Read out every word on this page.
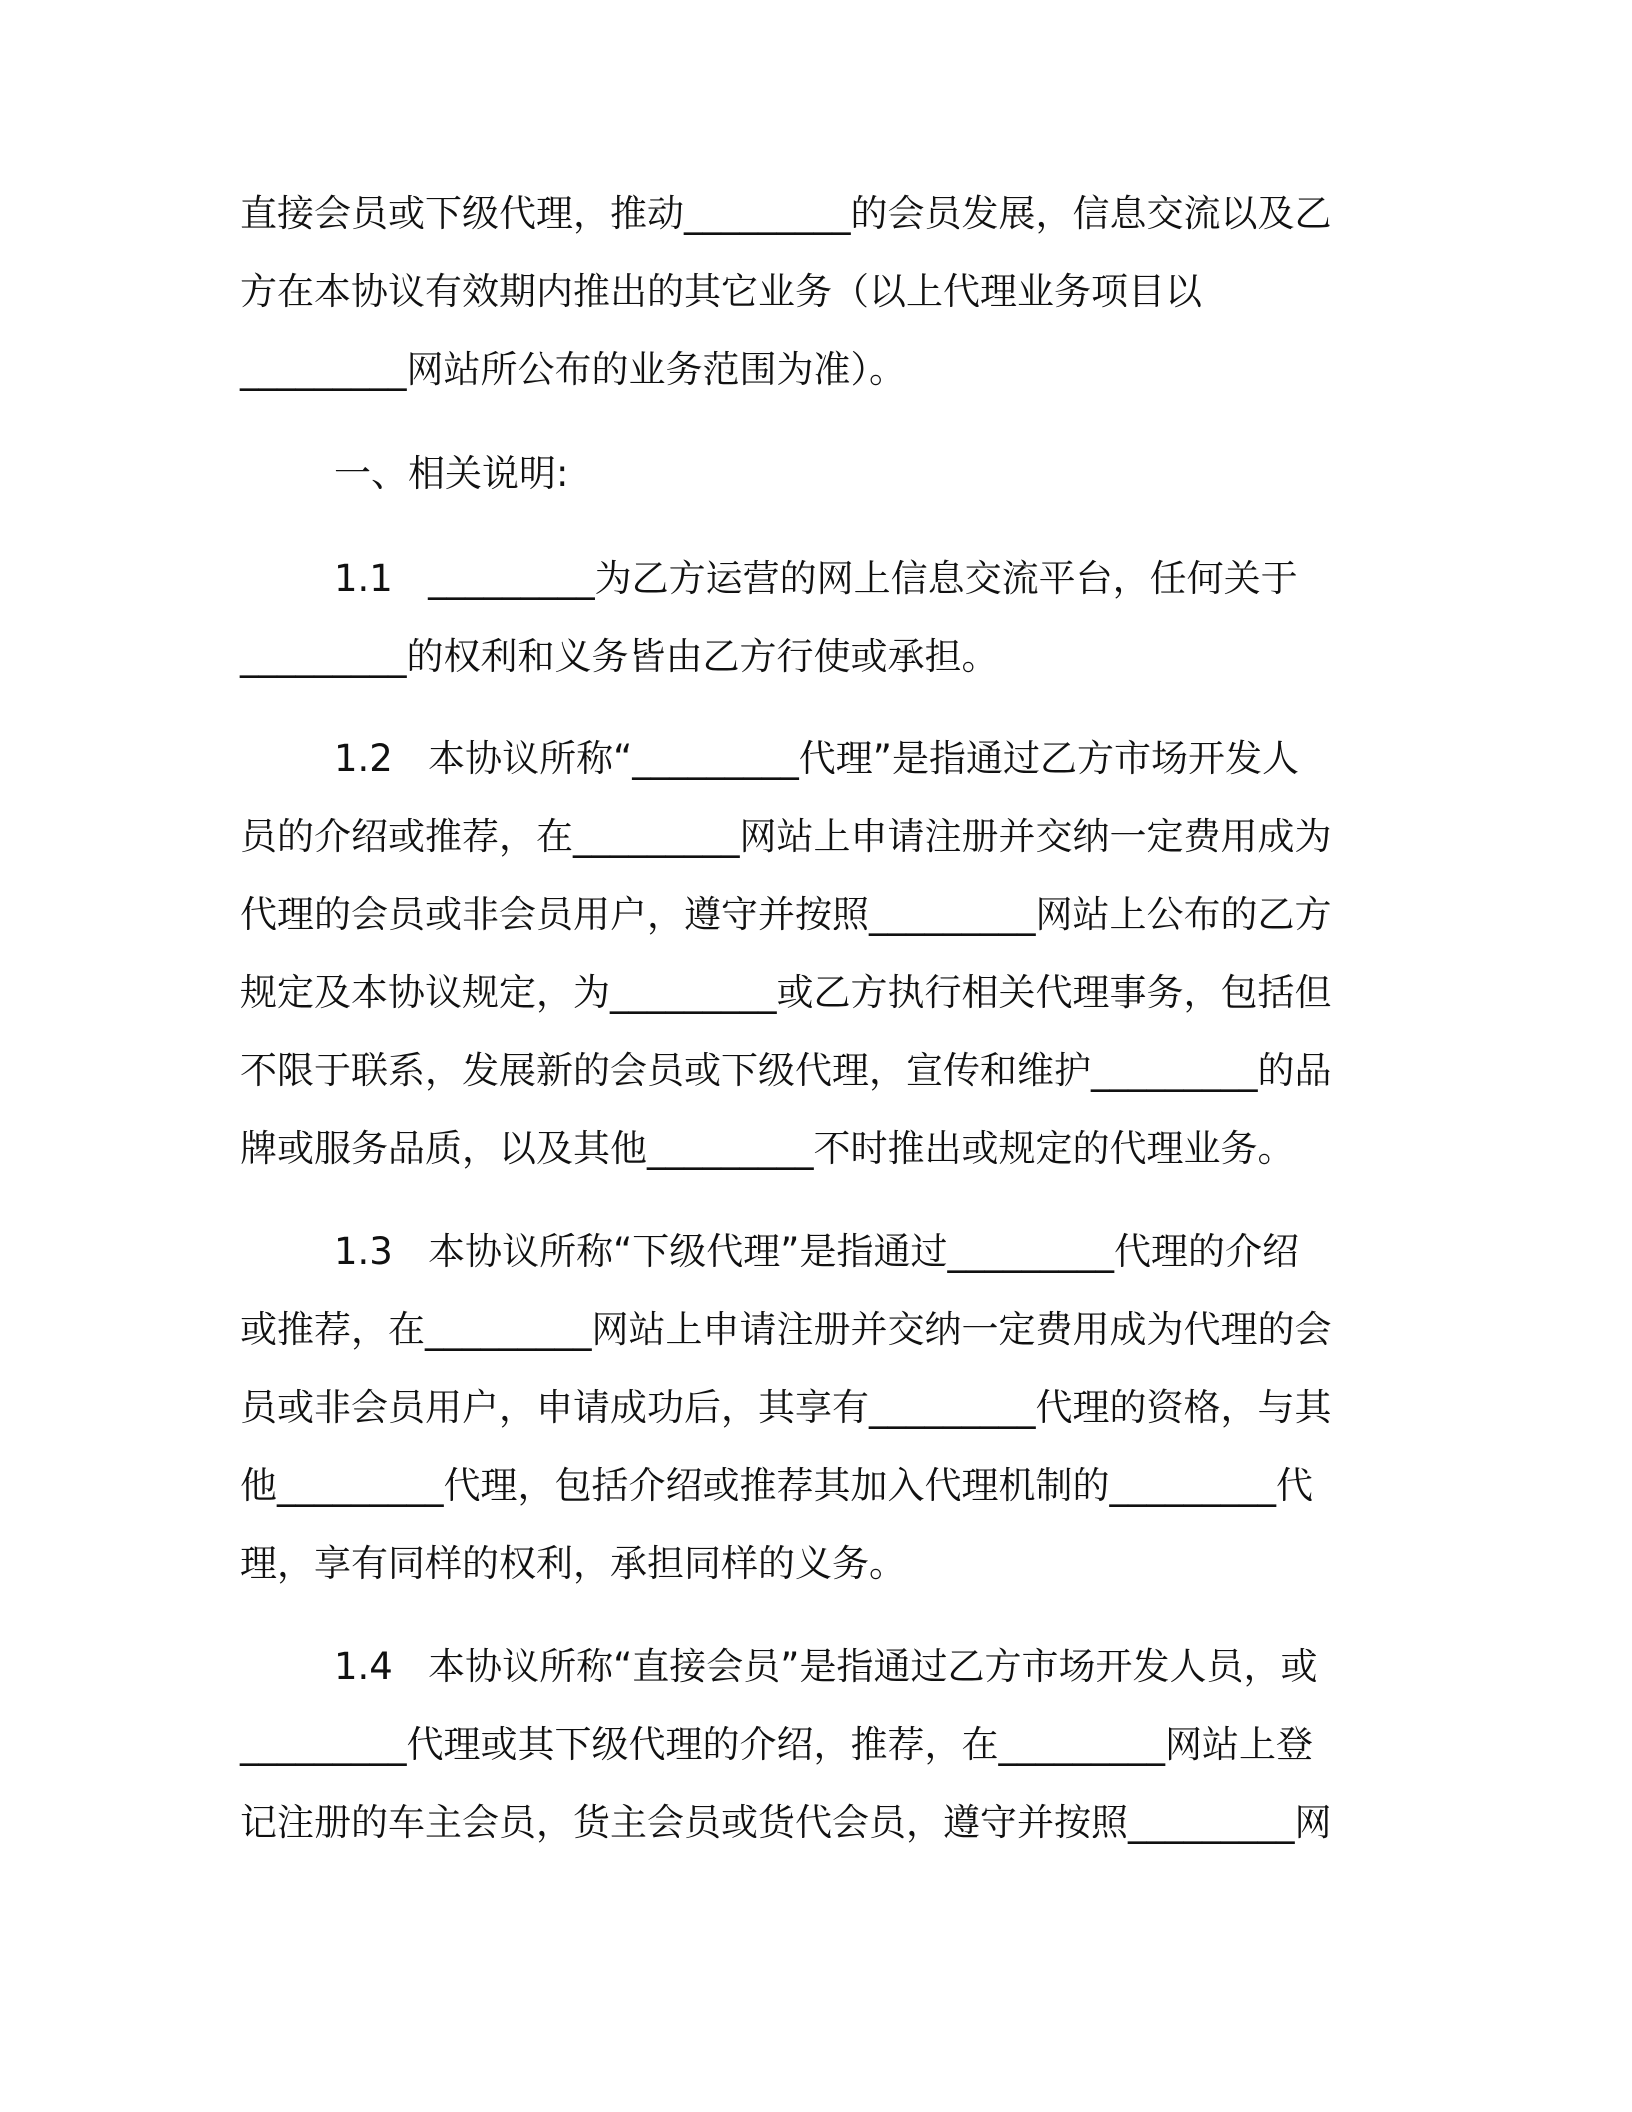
直接会员或下级代理，推动_________的会员发展，信息交流以及乙
方在本协议有效期内推出的其它业务（以上代理业务项目以
_________网站所公布的业务范围为准）。
一、相关说明:
1.1   _________为乙方运营的网上信息交流平台，任何关于
_________的权利和义务皆由乙方行使或承担。
1.2   本协议所称“_________代理”是指通过乙方市场开发人
员的介绍或推荐，在_________网站上申请注册并交纳一定费用成为
代理的会员或非会员用户，遵守并按照_________网站上公布的乙方
规定及本协议规定，为_________或乙方执行相关代理事务，包括但
不限于联系，发展新的会员或下级代理，宣传和维护_________的品
牌或服务品质，以及其他_________不时推出或规定的代理业务。
1.3   本协议所称“下级代理”是指通过_________代理的介绍
或推荐，在_________网站上申请注册并交纳一定费用成为代理的会
员或非会员用户，申请成功后，其享有_________代理的资格，与其
他_________代理，包括介绍或推荐其加入代理机制的_________代
理，享有同样的权利，承担同样的义务。
1.4   本协议所称“直接会员”是指通过乙方市场开发人员，或
_________代理或其下级代理的介绍，推荐，在_________网站上登
记注册的车主会员，货主会员或货代会员，遵守并按照_________网
